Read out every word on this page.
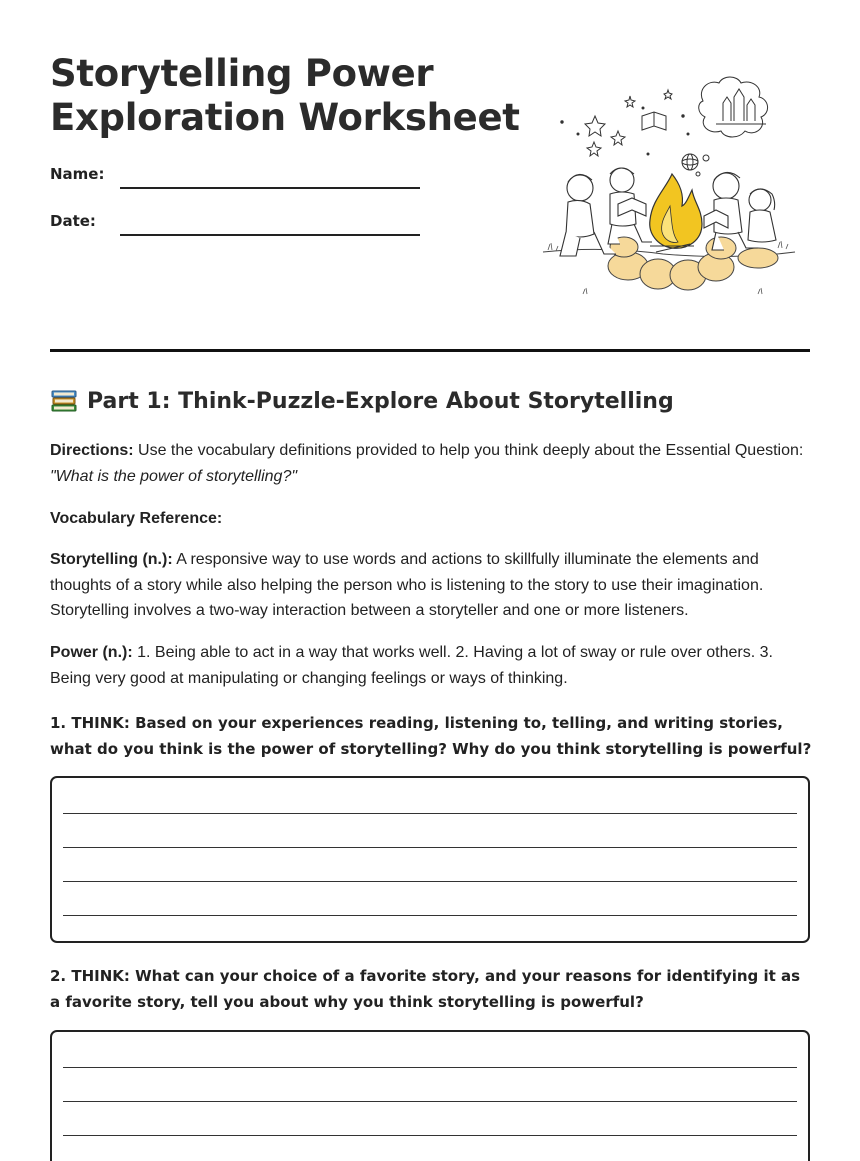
Storytelling Power
Exploration Worksheet
Name:
Date:
Part 1: Think-Puzzle-Explore About Storytelling
Directions: Use the vocabulary definitions provided to help you think deeply about the Essential Question:
"What is the power of storytelling?"
Vocabulary Reference:
Storytelling (n.): A responsive way to use words and actions to skillfully illuminate the elements and thoughts of a story while also helping the person who is listening to the story to use their imagination. Storytelling involves a two-way interaction between a storyteller and one or more listeners.
Power (n.): 1. Being able to act in a way that works well. 2. Having a lot of sway or rule over others. 3. Being very good at manipulating or changing feelings or ways of thinking.
1. THINK: Based on your experiences reading, listening to, telling, and writing stories, what do you think is the power of storytelling? Why do you think storytelling is powerful?
2. THINK: What can your choice of a favorite story, and your reasons for identifying it as a favorite story, tell you about why you think storytelling is powerful?
